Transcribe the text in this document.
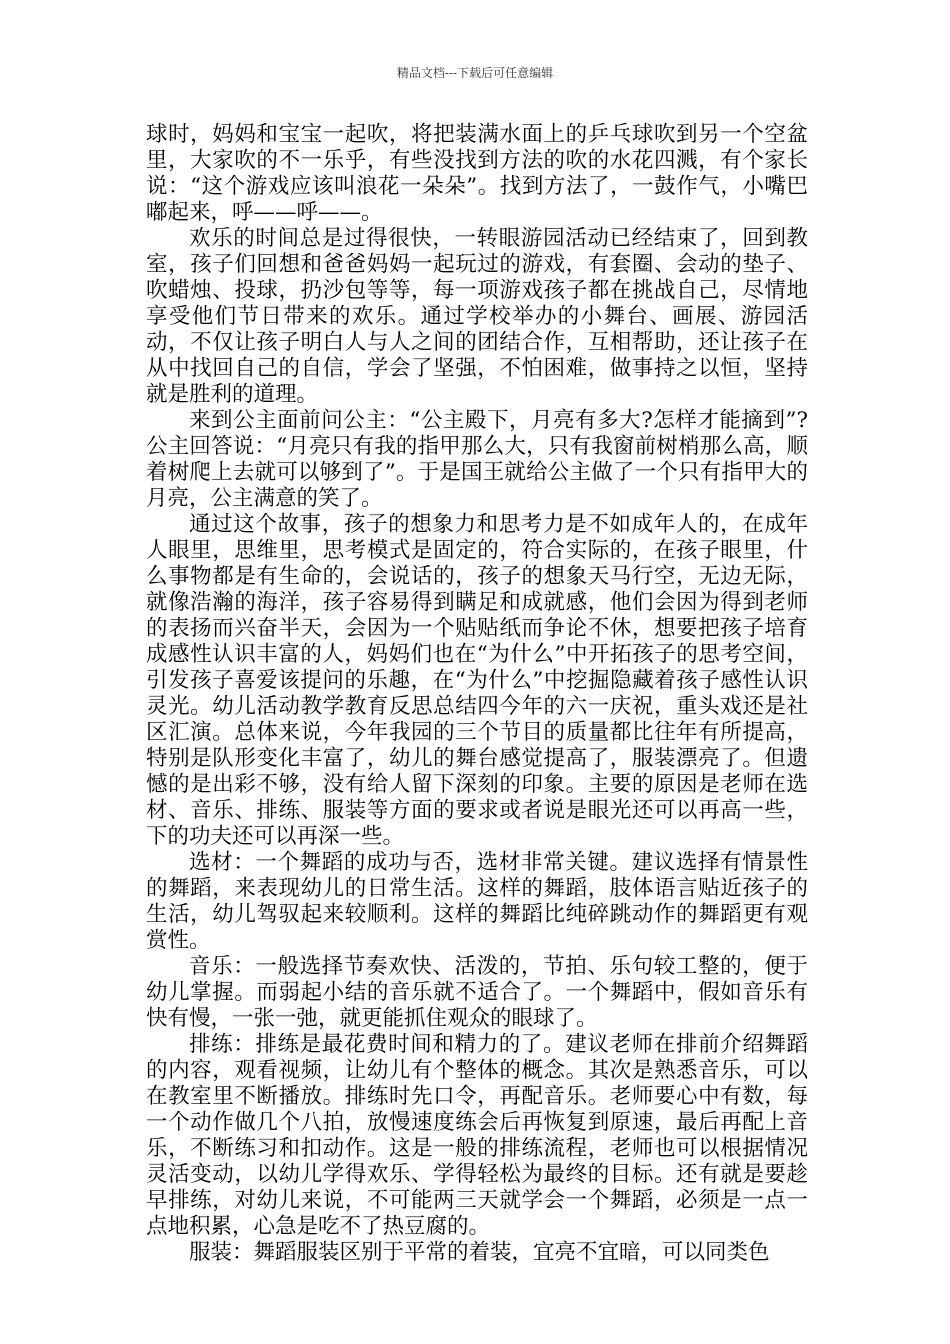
精品文档---下载后可任意编辑

球时，妈妈和宝宝一起吹，将把装满水面上的乒乓球吹到另一个空盆里，大家吹的不一乐乎，有些没找到方法的吹的水花四溅，有个家长说：“这个游戏应该叫浪花一朵朵”。找到方法了，一鼓作气，小嘴巴嘟起来，呼——呼——。

欢乐的时间总是过得很快，一转眼游园活动已经结束了，回到教室，孩子们回想和爸爸妈妈一起玩过的游戏，有套圈、会动的垫子、吹蜡烛、投球，扔沙包等等，每一项游戏孩子都在挑战自己，尽情地享受他们节日带来的欢乐。通过学校举办的小舞台、画展、游园活动，不仅让孩子明白人与人之间的团结合作，互相帮助，还让孩子在从中找回自己的自信，学会了坚强，不怕困难，做事持之以恒，坚持就是胜利的道理。

来到公主面前问公主：“公主殿下，月亮有多大?怎样才能摘到”?公主回答说：“月亮只有我的指甲那么大，只有我窗前树梢那么高，顺着树爬上去就可以够到了”。于是国王就给公主做了一个只有指甲大的月亮，公主满意的笑了。

通过这个故事，孩子的想象力和思考力是不如成年人的，在成年人眼里，思维里，思考模式是固定的，符合实际的，在孩子眼里，什么事物都是有生命的，会说话的，孩子的想象天马行空，无边无际，就像浩瀚的海洋，孩子容易得到瞒足和成就感，他们会因为得到老师的表扬而兴奋半天，会因为一个贴贴纸而争论不休，想要把孩子培育成感性认识丰富的人，妈妈们也在“为什么”中开拓孩子的思考空间，引发孩子喜爱该提问的乐趣，在“为什么”中挖掘隐藏着孩子感性认识灵光。幼儿活动教学教育反思总结四今年的六一庆祝，重头戏还是社区汇演。总体来说，今年我园的三个节目的质量都比往年有所提高，特别是队形变化丰富了，幼儿的舞台感觉提高了，服装漂亮了。但遗憾的是出彩不够，没有给人留下深刻的印象。主要的原因是老师在选材、音乐、排练、服装等方面的要求或者说是眼光还可以再高一些，下的功夫还可以再深一些。

选材：一个舞蹈的成功与否，选材非常关键。建议选择有情景性的舞蹈，来表现幼儿的日常生活。这样的舞蹈，肢体语言贴近孩子的生活，幼儿驾驭起来较顺利。这样的舞蹈比纯碎跳动作的舞蹈更有观赏性。

音乐：一般选择节奏欢快、活泼的，节拍、乐句较工整的，便于幼儿掌握。而弱起小结的音乐就不适合了。一个舞蹈中，假如音乐有快有慢，一张一弛，就更能抓住观众的眼球了。

排练：排练是最花费时间和精力的了。建议老师在排前介绍舞蹈的内容，观看视频，让幼儿有个整体的概念。其次是熟悉音乐，可以在教室里不断播放。排练时先口令，再配音乐。老师要心中有数，每一个动作做几个八拍，放慢速度练会后再恢复到原速，最后再配上音乐，不断练习和扣动作。这是一般的排练流程，老师也可以根据情况灵活变动，以幼儿学得欢乐、学得轻松为最终的目标。还有就是要趁早排练，对幼儿来说，不可能两三天就学会一个舞蹈，必须是一点一点地积累，心急是吃不了热豆腐的。

服装：舞蹈服装区别于平常的着装，宜亮不宜暗，可以同类色
